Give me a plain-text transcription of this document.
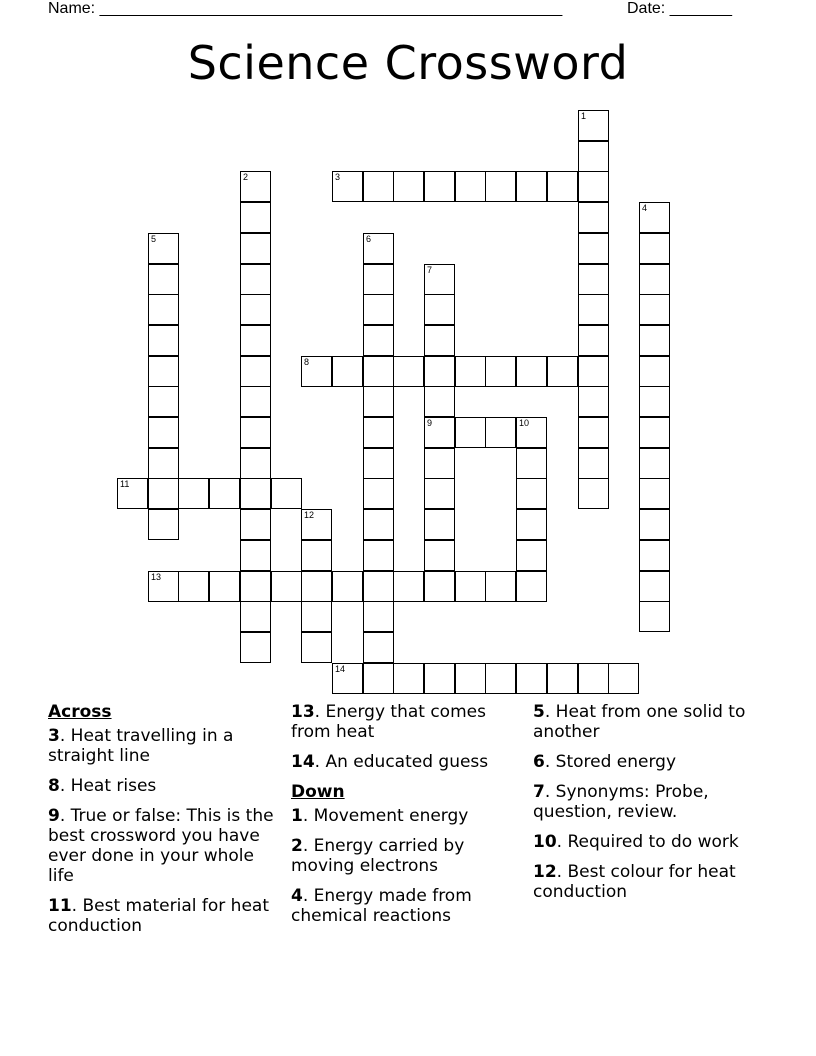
Name: ____________________________________________________	Date: _______
Science Crossword
1
2	3
4
5	6
7
9
8
10
11
12
13
14
Across
3. Heat travelling in a straight line
8. Heat rises
9. True or false: This is the best crossword you have ever done in your whole life
11. Best material for heat conduction
13. Energy that comes from heat
14. An educated guess
Down
1. Movement energy
2. Energy carried by moving electrons
4. Energy made from chemical reactions
5. Heat from one solid to another
6. Stored energy
7. Synonyms: Probe, question, review.
10. Required to do work
12. Best colour for heat conduction
